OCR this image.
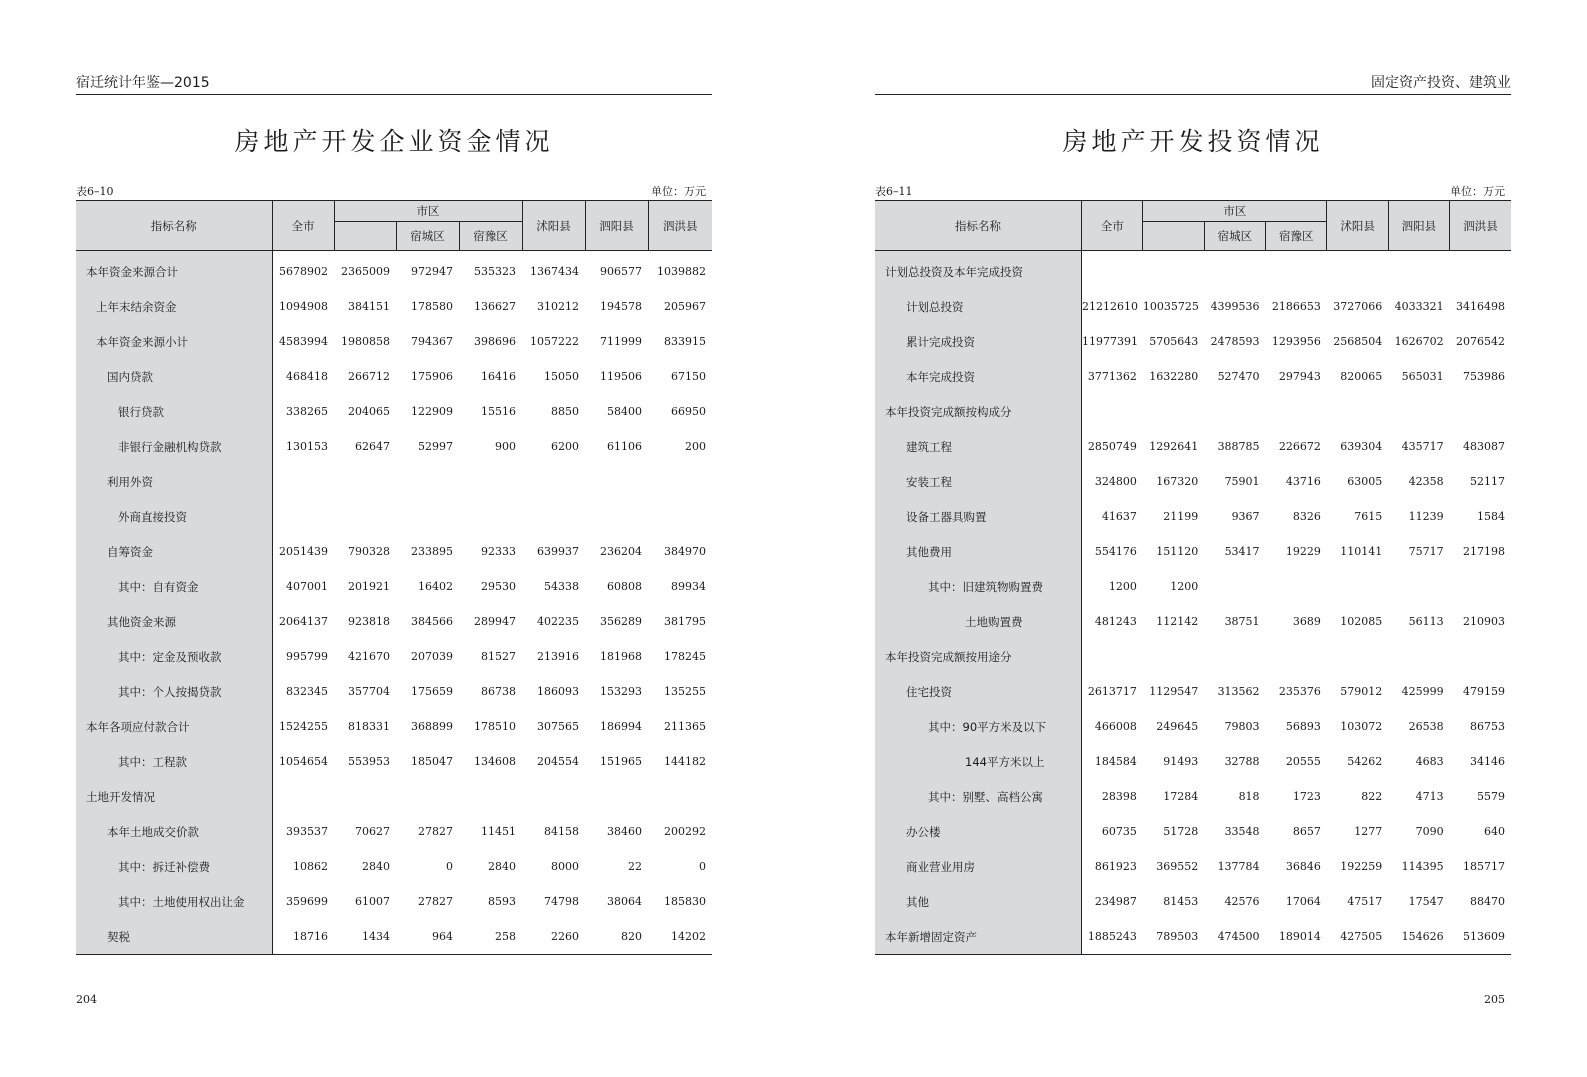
宿迁统计年鉴—2015
房地产开发企业资金情况
表6–10	单位：万元
指标名称	全市	市区			沭阳县	泗阳县	泗洪县
			宿城区	宿豫区			
本年资金来源合计	5678902	2365009	972947	535323	1367434	906577	1039882
上年末结余资金	1094908	384151	178580	136627	310212	194578	205967
本年资金来源小计	4583994	1980858	794367	398696	1057222	711999	833915
国内贷款	468418	266712	175906	16416	15050	119506	67150
银行贷款	338265	204065	122909	15516	8850	58400	66950
非银行金融机构贷款	130153	62647	52997	900	6200	61106	200
利用外资							
外商直接投资							
自筹资金	2051439	790328	233895	92333	639937	236204	384970
其中：自有资金	407001	201921	16402	29530	54338	60808	89934
其他资金来源	2064137	923818	384566	289947	402235	356289	381795
其中：定金及预收款	995799	421670	207039	81527	213916	181968	178245
其中：个人按揭贷款	832345	357704	175659	86738	186093	153293	135255
本年各项应付款合计	1524255	818331	368899	178510	307565	186994	211365
其中：工程款	1054654	553953	185047	134608	204554	151965	144182
土地开发情况							
本年土地成交价款	393537	70627	27827	11451	84158	38460	200292
其中：拆迁补偿费	10862	2840	0	2840	8000	22	0
其中：土地使用权出让金	359699	61007	27827	8593	74798	38064	185830
契税	18716	1434	964	258	2260	820	14202
204
固定资产投资、建筑业
房地产开发投资情况
表6–11	单位：万元
指标名称	全市	市区			沭阳县	泗阳县	泗洪县
			宿城区	宿豫区			
计划总投资及本年完成投资							
计划总投资	21212610	10035725	4399536	2186653	3727066	4033321	3416498
累计完成投资	11977391	5705643	2478593	1293956	2568504	1626702	2076542
本年完成投资	3771362	1632280	527470	297943	820065	565031	753986
本年投资完成额按构成分							
建筑工程	2850749	1292641	388785	226672	639304	435717	483087
安装工程	324800	167320	75901	43716	63005	42358	52117
设备工器具购置	41637	21199	9367	8326	7615	11239	1584
其他费用	554176	151120	53417	19229	110141	75717	217198
其中：旧建筑物购置费	1200	1200					
土地购置费	481243	112142	38751	3689	102085	56113	210903
本年投资完成额按用途分							
住宅投资	2613717	1129547	313562	235376	579012	425999	479159
其中：90平方米及以下	466008	249645	79803	56893	103072	26538	86753
144平方米以上	184584	91493	32788	20555	54262	4683	34146
其中：别墅、高档公寓	28398	17284	818	1723	822	4713	5579
办公楼	60735	51728	33548	8657	1277	7090	640
商业营业用房	861923	369552	137784	36846	192259	114395	185717
其他	234987	81453	42576	17064	47517	17547	88470
本年新增固定资产	1885243	789503	474500	189014	427505	154626	513609
205
